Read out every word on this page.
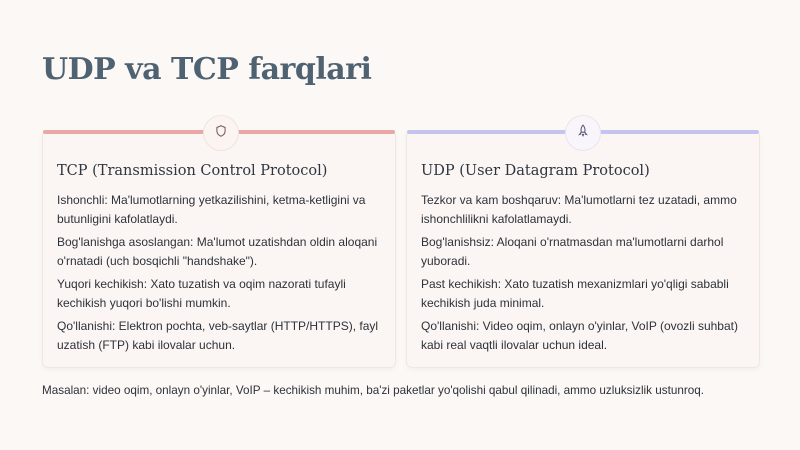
UDP va TCP farqlari
TCP (Transmission Control Protocol)
Ishonchli: Ma'lumotlarning yetkazilishini, ketma-ketligini va butunligini kafolatlaydi.
Bog'lanishga asoslangan: Ma'lumot uzatishdan oldin aloqani o'rnatadi (uch bosqichli "handshake").
Yuqori kechikish: Xato tuzatish va oqim nazorati tufayli kechikish yuqori bo'lishi mumkin.
Qo'llanishi: Elektron pochta, veb-saytlar (HTTP/HTTPS), fayl uzatish (FTP) kabi ilovalar uchun.
UDP (User Datagram Protocol)
Tezkor va kam boshqaruv: Ma'lumotlarni tez uzatadi, ammo ishonchlilikni kafolatlamaydi.
Bog'lanishsiz: Aloqani o'rnatmasdan ma'lumotlarni darhol yuboradi.
Past kechikish: Xato tuzatish mexanizmlari yo'qligi sababli kechikish juda minimal.
Qo'llanishi: Video oqim, onlayn o'yinlar, VoIP (ovozli suhbat) kabi real vaqtli ilovalar uchun ideal.
Masalan: video oqim, onlayn o'yinlar, VoIP – kechikish muhim, ba'zi paketlar yo'qolishi qabul qilinadi, ammo uzluksizlik ustunroq.
